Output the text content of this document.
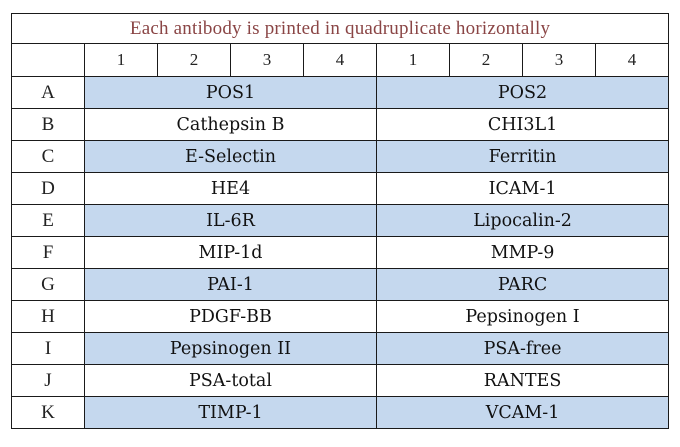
Each antibody is printed in quadruplicate horizontally								
	1	2	3	4	1	2	3	4
A	POS1				POS2			
B	Cathepsin B				CHI3L1			
C	E-Selectin				Ferritin			
D	HE4				ICAM-1			
E	IL-6R				Lipocalin-2			
F	MIP-1d				MMP-9			
G	PAI-1				PARC			
H	PDGF-BB				Pepsinogen I			
I	Pepsinogen II				PSA-free			
J	PSA-total				RANTES			
K	TIMP-1				VCAM-1			
